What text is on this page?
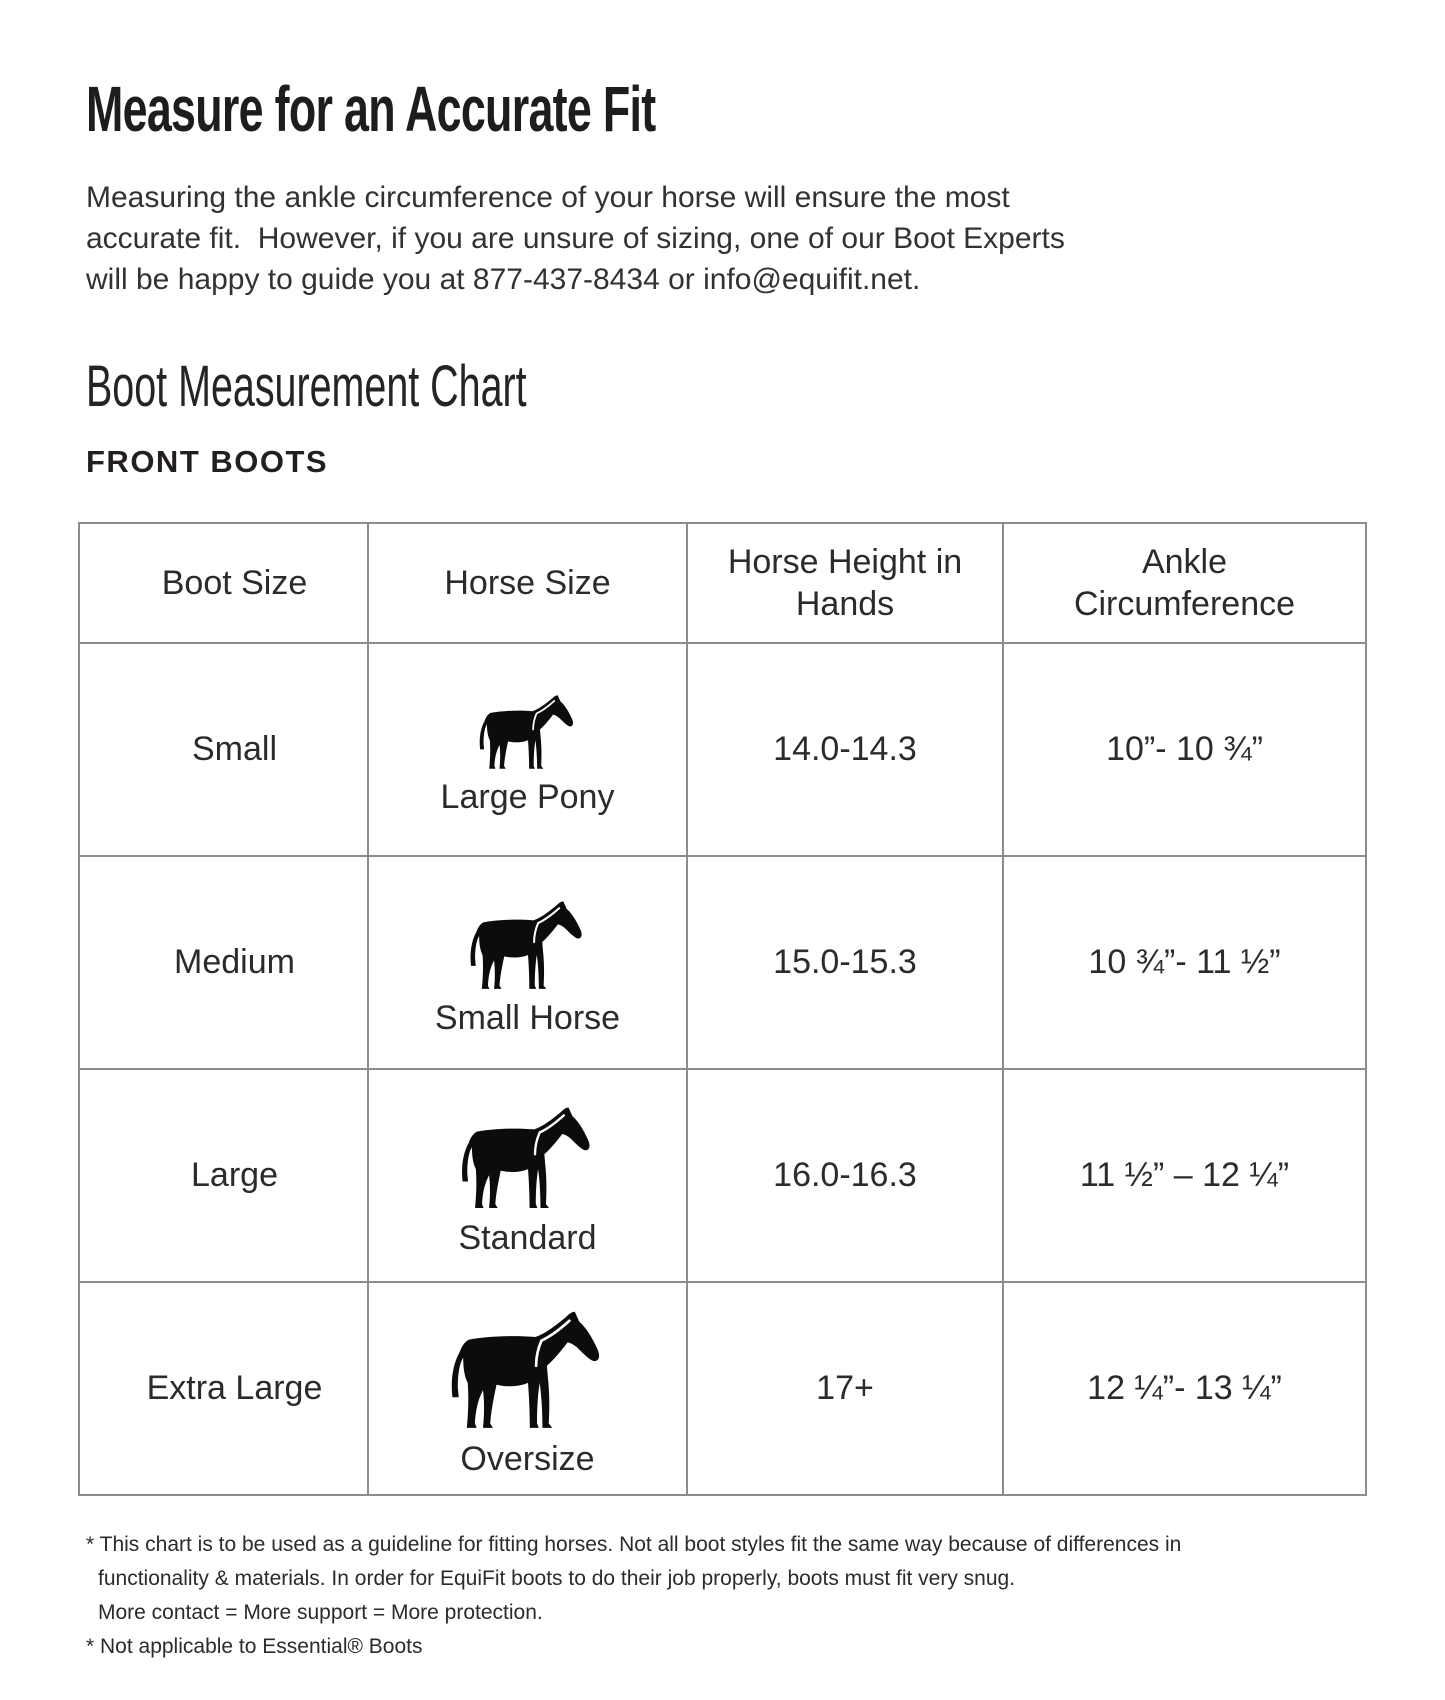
Measure for an Accurate Fit
Measuring the ankle circumference of your horse will ensure the most
accurate fit.  However, if you are unsure of sizing, one of our Boot Experts
will be happy to guide you at 877-437-8434 or info@equifit.net.
Boot Measurement Chart
FRONT BOOTS
Boot Size	Horse Size	Horse Height in Hands	Ankle Circumference

Small	Large Pony	14.0-14.3	10”- 10 ¾”
Medium	Small Horse	15.0-15.3	10 ¾”- 11 ½”
Large	Standard	16.0-16.3	11 ½” – 12 ¼”
Extra Large	Oversize	17+	12 ¼”- 13 ¼”
* This chart is to be used as a guideline for fitting horses. Not all boot styles fit the same way because of differences in
functionality & materials. In order for EquiFit boots to do their job properly, boots must fit very snug.
More contact = More support = More protection.
* Not applicable to Essential® Boots
